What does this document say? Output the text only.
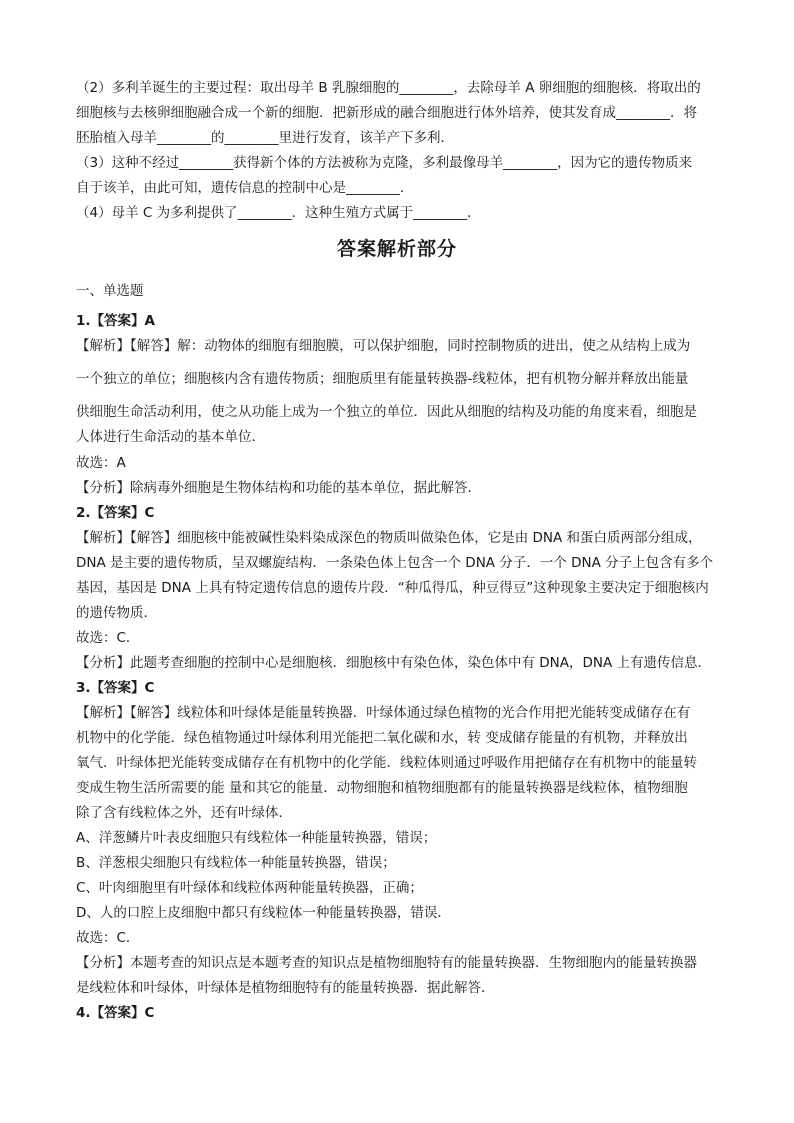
（2）多利羊诞生的主要过程：取出母羊 B 乳腺细胞的________，去除母羊 A 卵细胞的细胞核．将取出的
细胞核与去核卵细胞融合成一个新的细胞．把新形成的融合细胞进行体外培养，使其发育成________．将
胚胎植入母羊________的________里进行发育，该羊产下多利．
（3）这种不经过________获得新个体的方法被称为克隆，多利最像母羊________，因为它的遗传物质来
自于该羊，由此可知，遗传信息的控制中心是________．
（4）母羊 C 为多利提供了________．这种生殖方式属于________．
答案解析部分
一、单选题
1.【答案】A
【解析】【解答】解：动物体的细胞有细胞膜，可以保护细胞，同时控制物质的进出，使之从结构上成为
一个独立的单位；细胞核内含有遗传物质；细胞质里有能量转换器-线粒体，把有机物分解并释放出能量
供细胞生命活动利用，使之从功能上成为一个独立的单位．因此从细胞的结构及功能的角度来看，细胞是
人体进行生命活动的基本单位．
故选：A
【分析】除病毒外细胞是生物体结构和功能的基本单位，据此解答．
2.【答案】C
【解析】【解答】细胞核中能被碱性染料染成深色的物质叫做染色体，它是由 DNA 和蛋白质两部分组成，
DNA 是主要的遗传物质，呈双螺旋结构．一条染色体上包含一个 DNA 分子．一个 DNA 分子上包含有多个
基因，基因是 DNA 上具有特定遗传信息的遗传片段．“种瓜得瓜，种豆得豆”这种现象主要决定于细胞核内
的遗传物质．
故选：C．
【分析】此题考查细胞的控制中心是细胞核．细胞核中有染色体，染色体中有 DNA，DNA 上有遗传信息．
3.【答案】C
【解析】【解答】线粒体和叶绿体是能量转换器．叶绿体通过绿色植物的光合作用把光能转变成储存在有
机物中的化学能．绿色植物通过叶绿体利用光能把二氧化碳和水，转 变成储存能量的有机物，并释放出
氧气．叶绿体把光能转变成储存在有机物中的化学能．线粒体则通过呼吸作用把储存在有机物中的能量转
变成生物生活所需要的能 量和其它的能量．动物细胞和植物细胞都有的能量转换器是线粒体，植物细胞
除了含有线粒体之外，还有叶绿体．
A、洋葱鳞片叶表皮细胞只有线粒体一种能量转换器，错误；
B、洋葱根尖细胞只有线粒体一种能量转换器，错误；
C、叶肉细胞里有叶绿体和线粒体两种能量转换器，正确；
D、人的口腔上皮细胞中都只有线粒体一种能量转换器，错误．
故选：C．
【分析】本题考查的知识点是本题考查的知识点是植物细胞特有的能量转换器．生物细胞内的能量转换器
是线粒体和叶绿体，叶绿体是植物细胞特有的能量转换器．据此解答．
4.【答案】C
